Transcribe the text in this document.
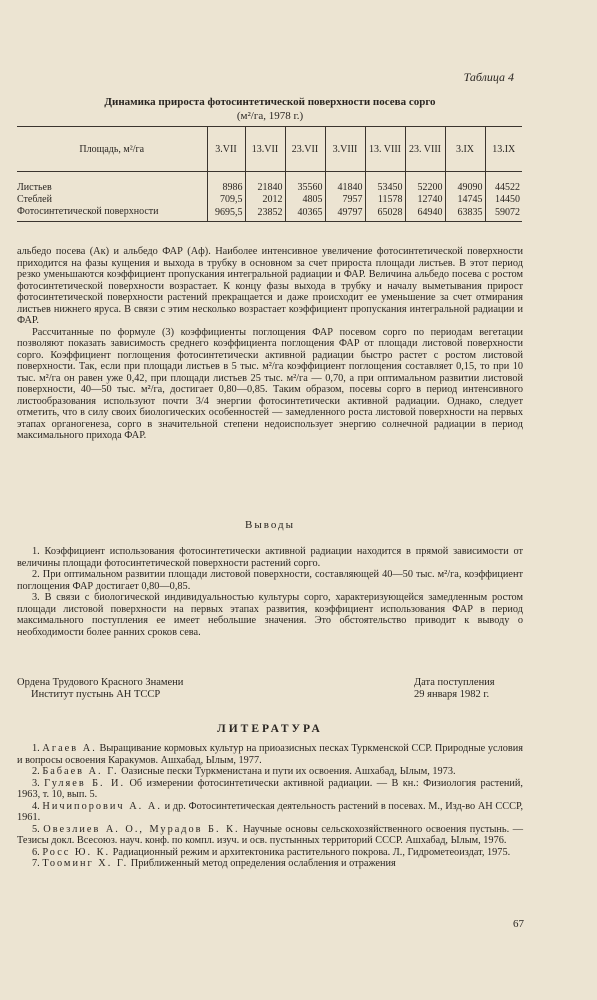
Таблица 4
Динамика прироста фотосинтетической поверхности посева сорго
(м²/га, 1978 г.)
Площадь, м²/га	3.VII	13.VII	23.VII	3.VIII	13. VIII	23. VIII	3.IX	13.IX
Листьев	8986	21840	35560	41840	53450	52200	49090	44522
Стеблей	709,5	2012	4805	7957	11578	12740	14745	14450
Фотосинтетической поверхности	9695,5	23852	40365	49797	65028	64940	63835	59072

альбедо посева (Aк) и альбедо ФАР (Aф). Наиболее интенсивное увеличение фотосинтетической поверхности приходится на фазы кущения и выхода в трубку в основном за счет прироста площади листьев. В этот период резко уменьшаются коэффициент пропускания интегральной радиации и ФАР. Величина альбедо посева с ростом фотосинтетической поверхности возрастает. К концу фазы выхода в трубку и началу выметывания прирост фотосинтетической поверхности растений прекращается и даже происходит ее уменьшение за счет отмирания листьев нижнего яруса. В связи с этим несколько возрастает коэффициент пропускания интегральной радиации и ФАР.

Рассчитанные по формуле (3) коэффициенты поглощения ФАР посевом сорго по периодам вегетации позволяют показать зависимость среднего коэффициента поглощения ФАР от площади листовой поверхности сорго. Коэффициент поглощения фотосинтетически активной радиации быстро растет с ростом листовой поверхности. Так, если при площади листьев в 5 тыс. м²/га коэффициент поглощения составляет 0,15, то при 10 тыс. м²/га он равен уже 0,42, при площади листьев 25 тыс. м²/га — 0,70, а при оптимальном развитии листовой поверхности, 40—50 тыс. м²/га, достигает 0,80—0,85. Таким образом, посевы сорго в период интенсивного листообразования используют почти 3/4 энергии фотосинтетически активной радиации. Однако, следует отметить, что в силу своих биологических особенностей — замедленного роста листовой поверхности на первых этапах органогенеза, сорго в значительной степени недоиспользует энергию солнечной радиации в период максимального прихода ФАР.

Выводы

1. Коэффициент использования фотосинтетически активной радиации находится в прямой зависимости от величины площади фотосинтетической поверхности растений сорго.

2. При оптимальном развитии площади листовой поверхности, составляющей 40—50 тыс. м²/га, коэффициент поглощения ФАР достигает 0,80—0,85.

3. В связи с биологической индивидуальностью культуры сорго, характеризующейся замедленным ростом площади листовой поверхности на первых этапах развития, коэффициент использования ФАР в период максимального поступления ее имеет небольшие значения. Это обстоятельство приводит к выводу о необходимости более ранних сроков сева.

Ордена Трудового Красного Знамени
Институт пустынь АН ТССР
Дата поступления
29 января 1982 г.
ЛИТЕРАТУРА

1. Агаев А. Выращивание кормовых культур на приоазисных песках Туркменской ССР. Природные условия и вопросы освоения Каракумов. Ашхабад, Ылым, 1977.

2. Бабаев А. Г. Оазисные пески Туркменистана и пути их освоения. Ашхабад, Ылым, 1973.

3. Гуляев Б. И. Об измерении фотосинтетически активной радиации. — В кн.: Физиология растений, 1963, т. 10, вып. 5.

4. Ничипорович А. А. и др. Фотосинтетическая деятельность растений в посевах. М., Изд-во АН СССР, 1961.

5. Овезлиев А. О., Мурадов Б. К. Научные основы сельскохозяйственного освоения пустынь. — Тезисы докл. Всесоюз. науч. конф. по компл. изуч. и осв. пустынных территорий СССР. Ашхабад, Ылым, 1976.

6. Росс Ю. К. Радиационный режим и архитектоника растительного покрова. Л., Гидрометеоиздат, 1975.

7. Тооминг Х. Г. Приближенный метод определения ослабления и отражения

67
